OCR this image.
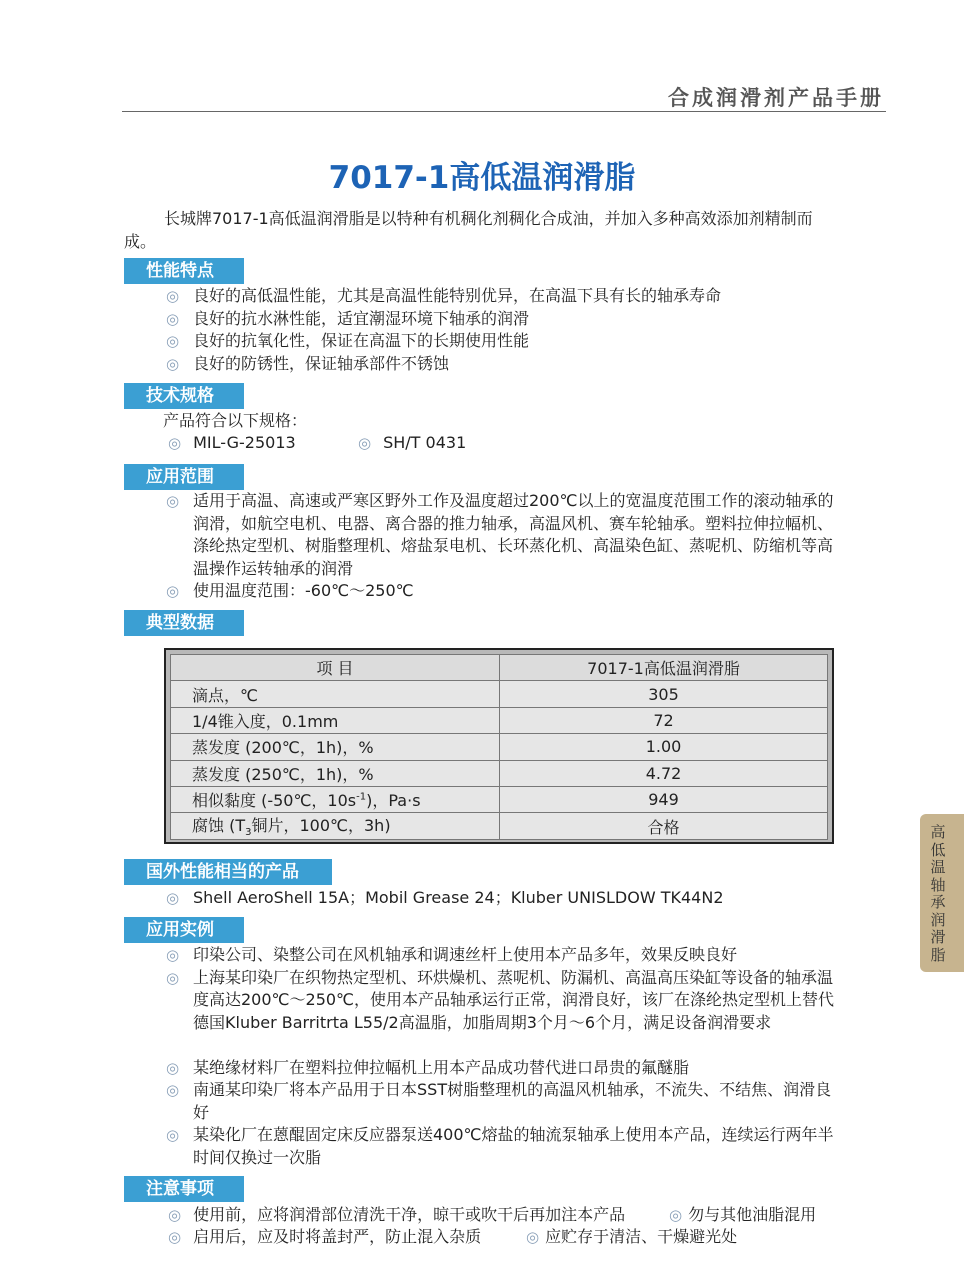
合成润滑剂产品手册
7017-1高低温润滑脂
长城牌7017-1高低温润滑脂是以特种有机稠化剂稠化合成油，并加入多种高效添加剂精制而成。
性能特点
◎ 良好的高低温性能，尤其是高温性能特别优异，在高温下具有长的轴承寿命
◎ 良好的抗水淋性能，适宜潮湿环境下轴承的润滑
◎ 良好的抗氧化性，保证在高温下的长期使用性能
◎ 良好的防锈性，保证轴承部件不锈蚀
技术规格
产品符合以下规格：
◎ MIL-G-25013	◎ SH/T 0431
应用范围
◎ 适用于高温、高速或严寒区野外工作及温度超过200℃以上的宽温度范围工作的滚动轴承的润滑，如航空电机、电器、离合器的推力轴承，高温风机、赛车轮轴承。塑料拉伸拉幅机、涤纶热定型机、树脂整理机、熔盐泵电机、长环蒸化机、高温染色缸、蒸呢机、防缩机等高温操作运转轴承的润滑
◎ 使用温度范围：-60℃～250℃
典型数据
项 目	7017-1高低温润滑脂
滴点，℃	305
1/4锥入度，0.1mm	72
蒸发度 (200℃，1h)，%	1.00
蒸发度 (250℃，1h)，%	4.72
相似黏度 (-50℃，$10s^{-1}$)，Pa·s	949
腐蚀 ($T_3$铜片，100℃，3h)	合格
国外性能相当的产品
◎ Shell AeroShell 15A；Mobil Grease 24；Kluber UNISLDOW TK44N2
应用实例
◎ 印染公司、染整公司在风机轴承和调速丝杆上使用本产品多年，效果反映良好
◎ 上海某印染厂在织物热定型机、环烘燥机、蒸呢机、防漏机、高温高压染缸等设备的轴承温度高达200℃～250℃，使用本产品轴承运行正常，润滑良好，该厂在涤纶热定型机上替代德国Kluber Barritrta L55/2高温脂，加脂周期3个月～6个月，满足设备润滑要求
◎ 某绝缘材料厂在塑料拉伸拉幅机上用本产品成功替代进口昂贵的氟醚脂
◎ 南通某印染厂将本产品用于日本SST树脂整理机的高温风机轴承，不流失、不结焦、润滑良好
◎ 某染化厂在蒽醌固定床反应器泵送400℃熔盐的轴流泵轴承上使用本产品，连续运行两年半时间仅换过一次脂
注意事项
◎ 使用前，应将润滑部位清洗干净，晾干或吹干后再加注本产品	◎ 勿与其他油脂混用
◎ 启用后，应及时将盖封严，防止混入杂质	◎ 应贮存于清洁、干燥避光处
高低温轴承润滑脂
